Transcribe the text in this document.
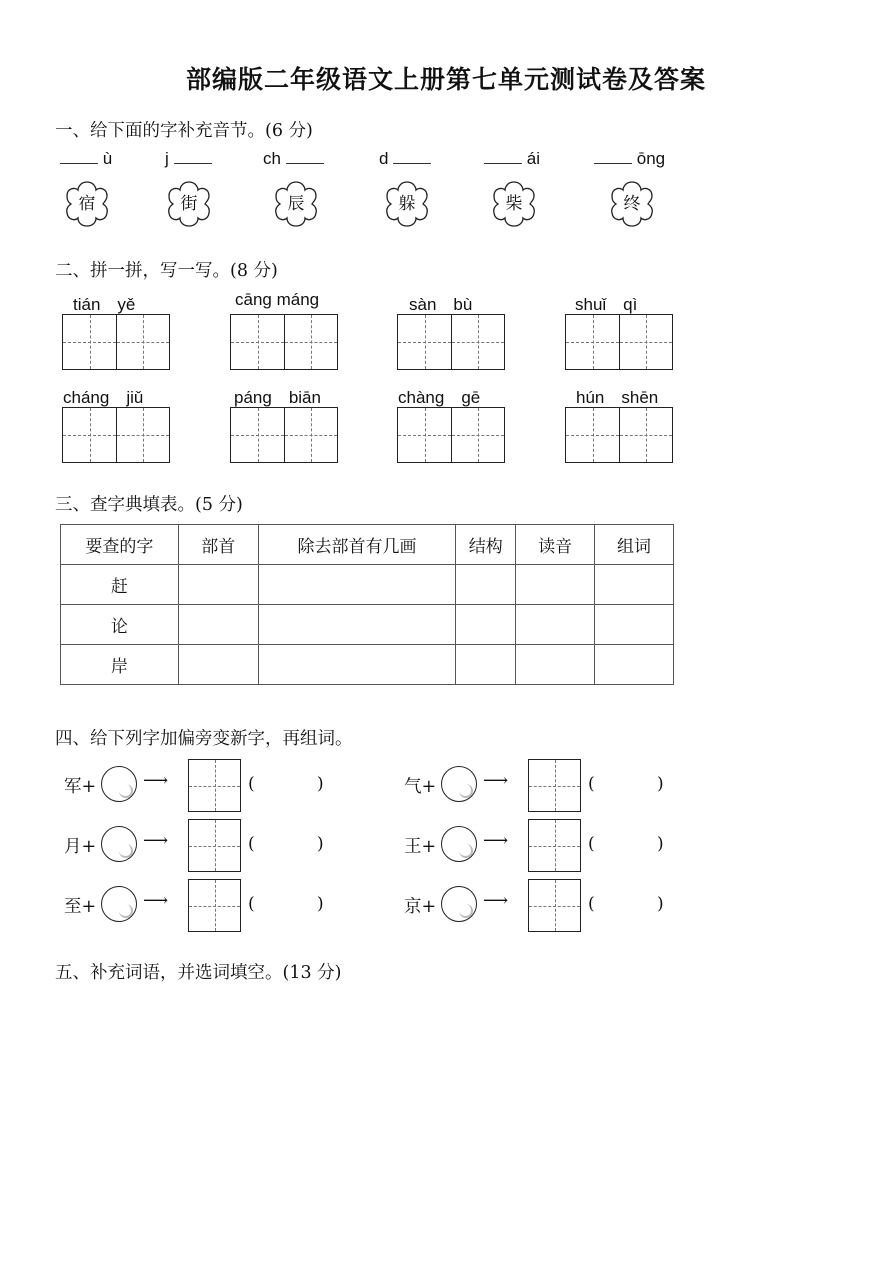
部编版二年级语文上册第七单元测试卷及答案
一、给下面的字补充音节。(6 分)
ù	j	ch	d	ái	ōng
宿	街	辰	躲	柴	终
二、拼一拼，写一写。(8 分)
tián　yě	cāng máng	sàn　bù	shuǐ　qì
cháng　jiǔ	páng　biān	chàng　gē	hún　shēn
三、查字典填表。(5 分)
要查的字	部首	除去部首有几画	结构	读音	组词
赶					
论					
岸					
四、给下列字加偏旁变新字，再组词。
军+	⟶	(	)
月+	⟶	(	)
至+	⟶	(	)
气+	⟶	(	)
王+	⟶	(	)
京+	⟶	(	)
五、补充词语，并选词填空。(13 分)
